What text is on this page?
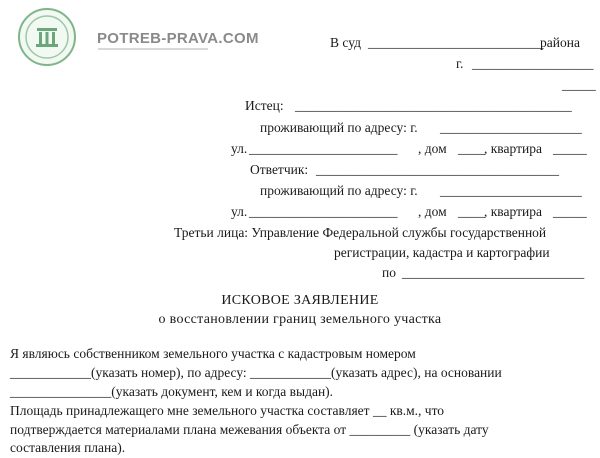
POTREB-PRAVA.COM	В суд __________________________
района
г. __________________
_____
Истец: _________________________________________
проживающий по адресу: г. _____________________
ул. ______________________ , дом ____ , квартира _____
Ответчик: ____________________________________
проживающий по адресу: г. _____________________
ул. ______________________ , дом ____ , квартира _____
Третьи лица: Управление Федеральной службы государственной
регистрации, кадастра и картографии
по ___________________________
ИСКОВОЕ ЗАЯВЛЕНИЕ
о восстановлении границ земельного участка
Я являюсь собственником земельного участка с кадастровым номером
____________(указать номер), по адресу: ____________(указать адрес), на основании
_______________(указать документ, кем и когда выдан).
Площадь принадлежащего мне земельного участка составляет __ кв.м., что
подтверждается материалами плана межевания объекта от _________ (указать дату
составления плана).
